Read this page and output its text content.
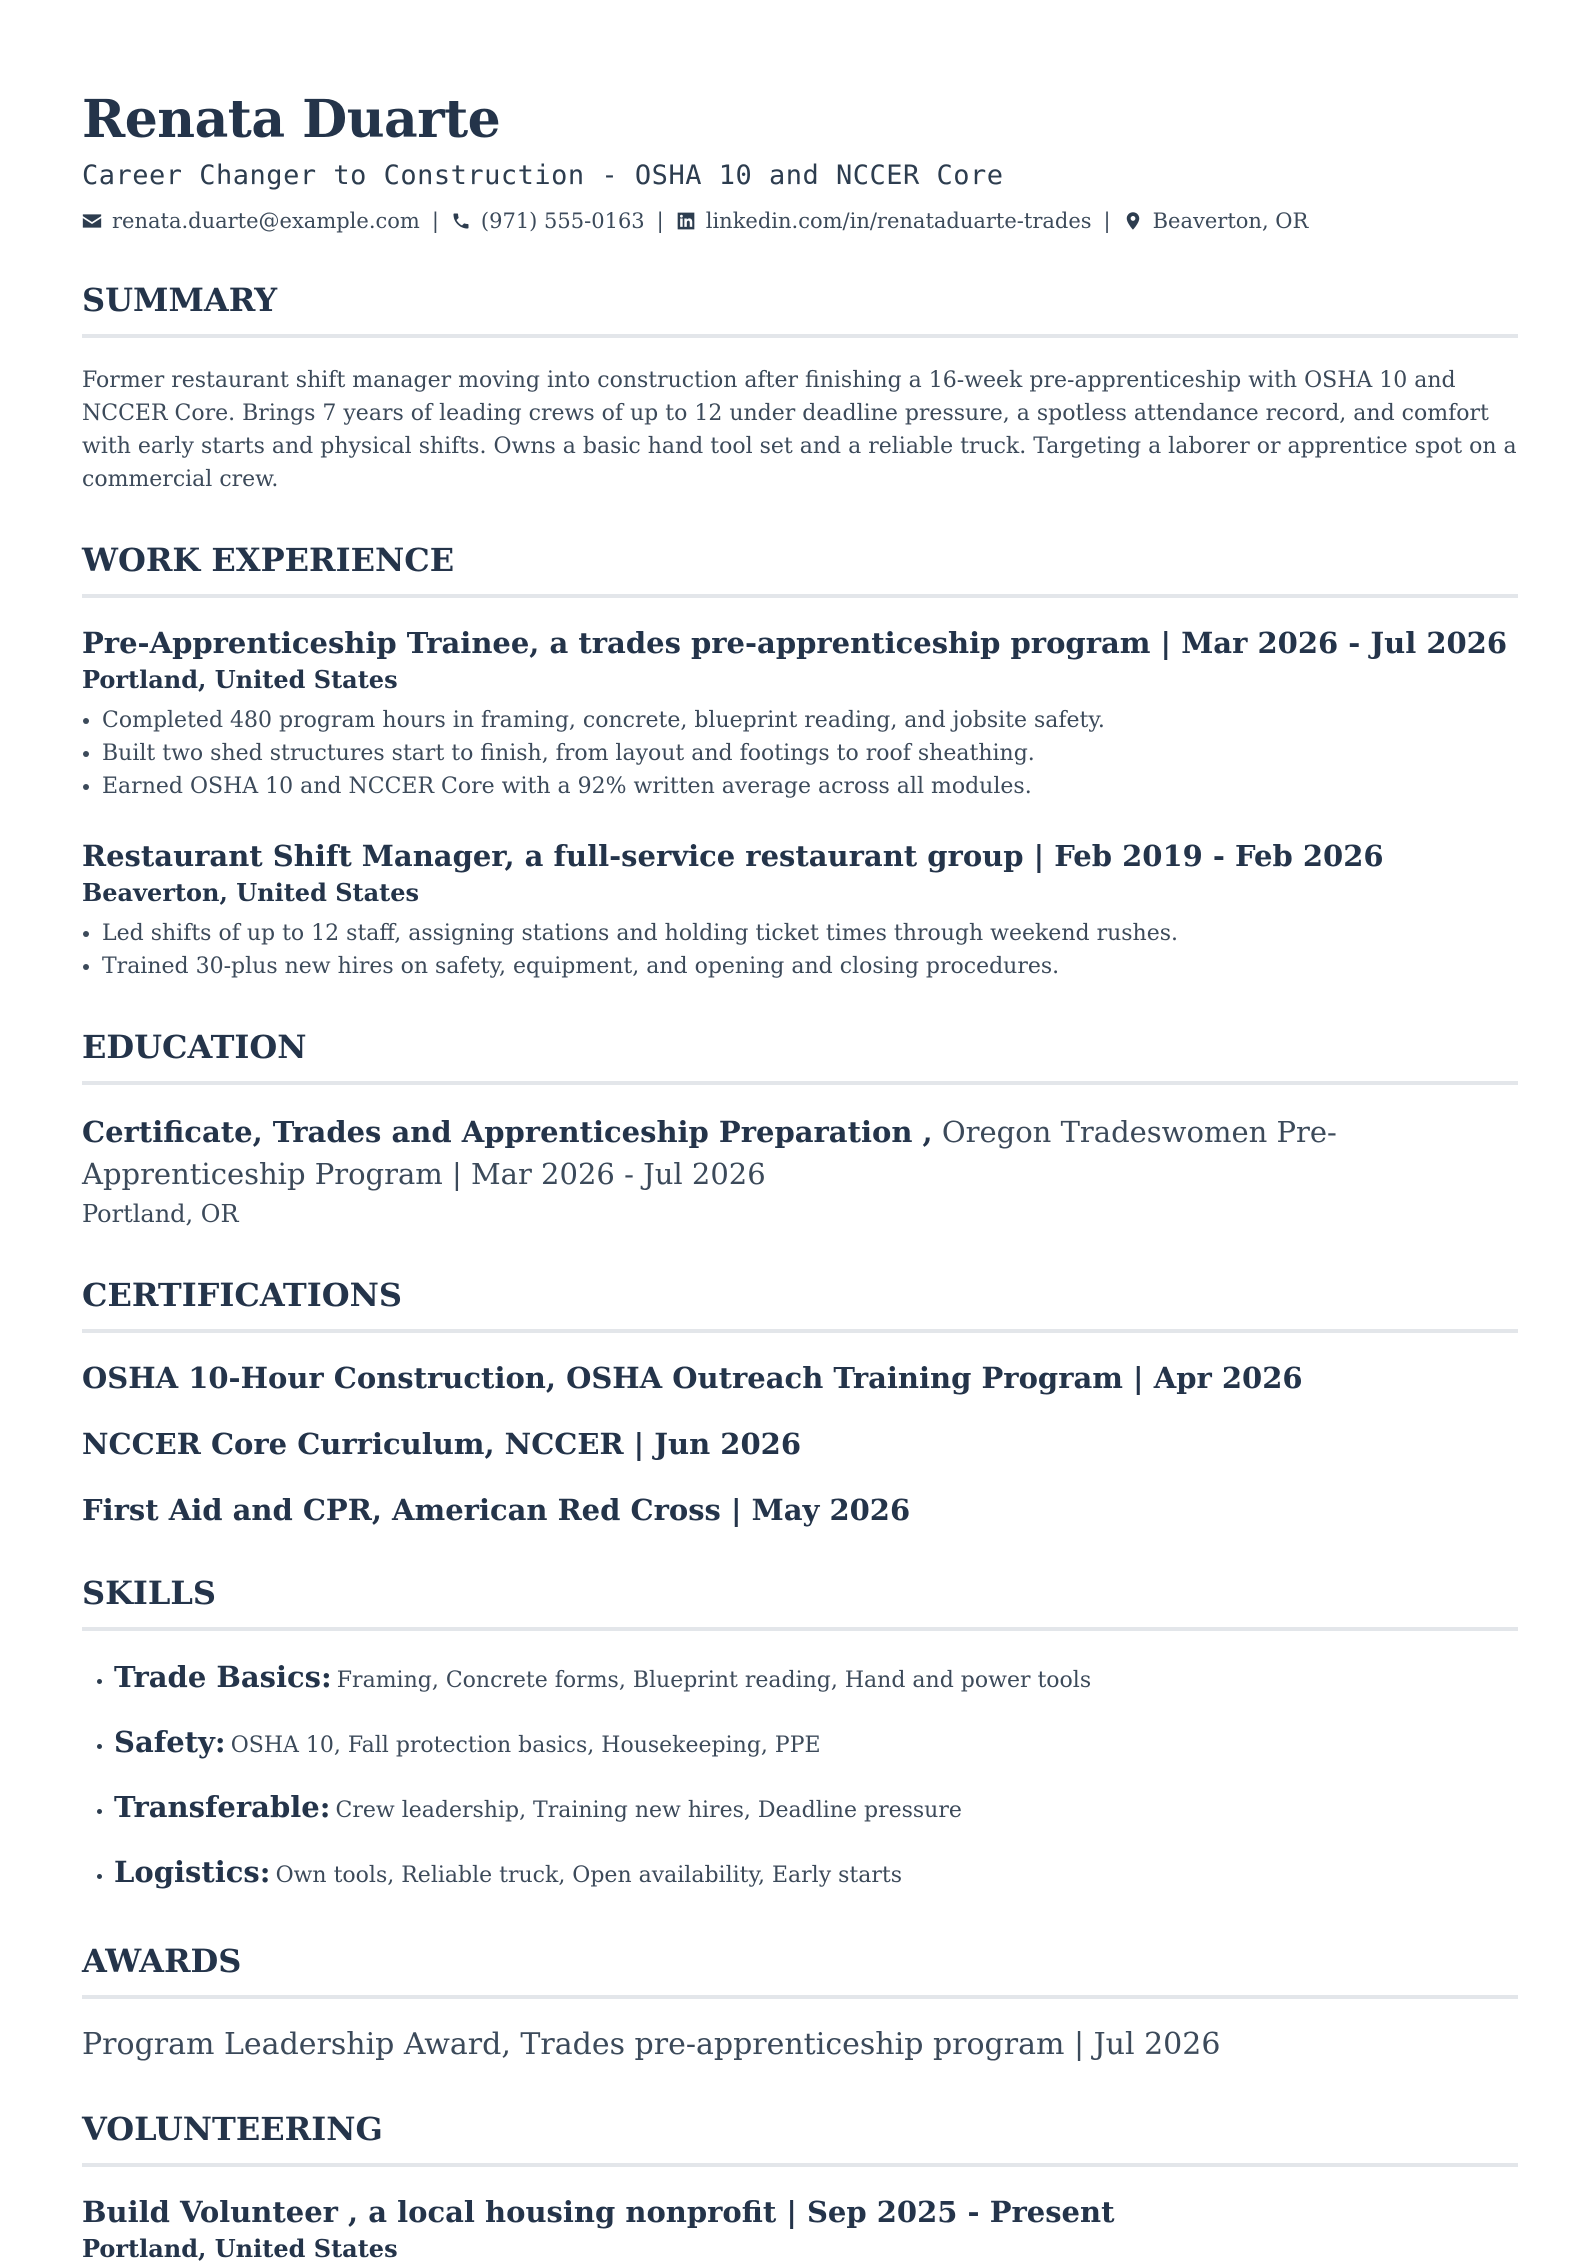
Renata Duarte
Career Changer to Construction - OSHA 10 and NCCER Core
renata.duarte@example.com | (971) 555-0163 | linkedin.com/in/renataduarte-trades | Beaverton, OR
SUMMARY
Former restaurant shift manager moving into construction after finishing a 16-week pre-apprenticeship with OSHA 10 and NCCER Core. Brings 7 years of leading crews of up to 12 under deadline pressure, a spotless attendance record, and comfort with early starts and physical shifts. Owns a basic hand tool set and a reliable truck. Targeting a laborer or apprentice spot on a commercial crew.
WORK EXPERIENCE
Pre-Apprenticeship Trainee, a trades pre-apprenticeship program | Mar 2026 - Jul 2026
Portland, United States
• Completed 480 program hours in framing, concrete, blueprint reading, and jobsite safety.
• Built two shed structures start to finish, from layout and footings to roof sheathing.
• Earned OSHA 10 and NCCER Core with a 92% written average across all modules.
Restaurant Shift Manager, a full-service restaurant group | Feb 2019 - Feb 2026
Beaverton, United States
• Led shifts of up to 12 staff, assigning stations and holding ticket times through weekend rushes.
• Trained 30-plus new hires on safety, equipment, and opening and closing procedures.
EDUCATION
Certificate, Trades and Apprenticeship Preparation , Oregon Tradeswomen Pre-Apprenticeship Program | Mar 2026 - Jul 2026
Portland, OR
CERTIFICATIONS
OSHA 10-Hour Construction, OSHA Outreach Training Program | Apr 2026
NCCER Core Curriculum, NCCER | Jun 2026
First Aid and CPR, American Red Cross | May 2026
SKILLS
• Trade Basics: Framing, Concrete forms, Blueprint reading, Hand and power tools
• Safety: OSHA 10, Fall protection basics, Housekeeping, PPE
• Transferable: Crew leadership, Training new hires, Deadline pressure
• Logistics: Own tools, Reliable truck, Open availability, Early starts
AWARDS
Program Leadership Award, Trades pre-apprenticeship program | Jul 2026
VOLUNTEERING
Build Volunteer , a local housing nonprofit | Sep 2025 - Present
Portland, United States
